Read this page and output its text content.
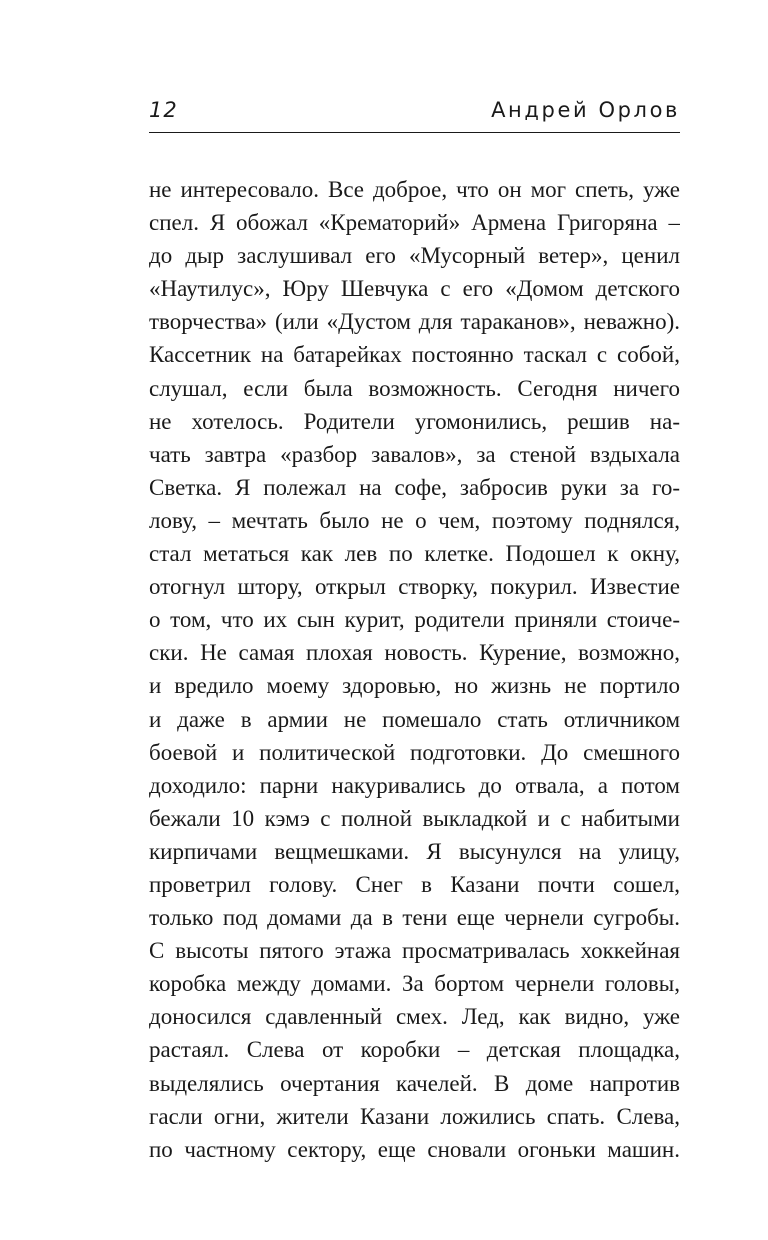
12	Андрей Орлов
не интересовало. Все доброе, что он мог спеть, уже
спел. Я обожал «Крематорий» Армена Григоряна –
до дыр заслушивал его «Мусорный ветер», ценил
«Наутилус», Юру Шевчука с его «Домом детского
творчества» (или «Дустом для тараканов», неважно).
Кассетник на батарейках постоянно таскал с собой,
слушал, если была возможность. Сегодня ничего
не хотелось. Родители угомонились, решив на-
чать завтра «разбор завалов», за стеной вздыхала
Светка. Я полежал на софе, забросив руки за го-
лову, – мечтать было не о чем, поэтому поднялся,
стал метаться как лев по клетке. Подошел к окну,
отогнул штору, открыл створку, покурил. Известие
о том, что их сын курит, родители приняли стоиче-
ски. Не самая плохая новость. Курение, возможно,
и вредило моему здоровью, но жизнь не портило
и даже в армии не помешало стать отличником
боевой и политической подготовки. До смешного
доходило: парни накуривались до отвала, а потом
бежали 10 кэмэ с полной выкладкой и с набитыми
кирпичами вещмешками. Я высунулся на улицу,
проветрил голову. Снег в Казани почти сошел,
только под домами да в тени еще чернели сугробы.
С высоты пятого этажа просматривалась хоккейная
коробка между домами. За бортом чернели головы,
доносился сдавленный смех. Лед, как видно, уже
растаял. Слева от коробки – детская площадка,
выделялись очертания качелей. В доме напротив
гасли огни, жители Казани ложились спать. Слева,
по частному сектору, еще сновали огоньки машин.
